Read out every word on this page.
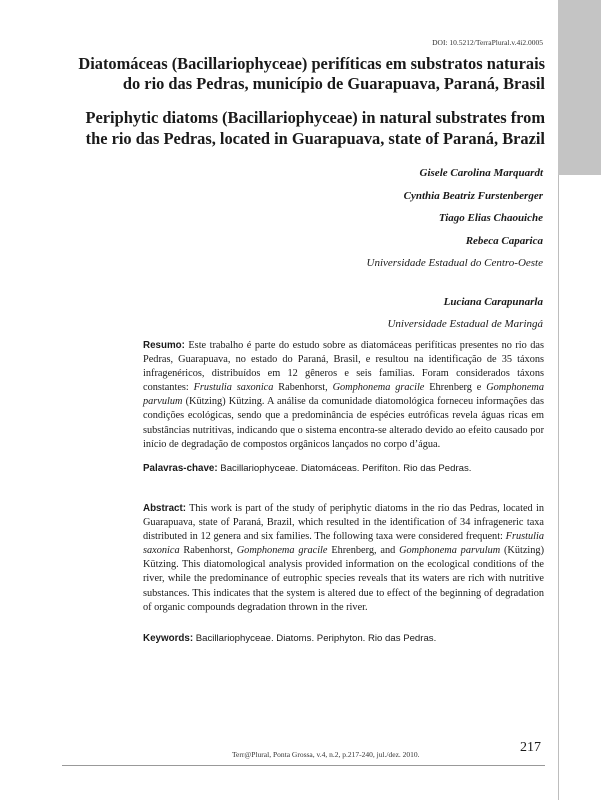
DOI: 10.5212/TerraPlural.v.4i2.0005
Diatomáceas (Bacillariophyceae) perifíticas em substratos naturais
do rio das Pedras, município de Guarapuava, Paraná, Brasil
Periphytic diatoms (Bacillariophyceae) in natural substrates from
the rio das Pedras, located in Guarapuava, state of Paraná, Brazil
Gisele Carolina Marquardt
Cynthia Beatriz Furstenberger
Tiago Elias Chaouiche
Rebeca Caparica
Universidade Estadual do Centro-Oeste
Luciana Carapunarla
Universidade Estadual de Maringá
Resumo: Este trabalho é parte do estudo sobre as diatomáceas perifíticas presentes no rio das Pedras, Guarapuava, no estado do Paraná, Brasil, e resultou na identificação de 35 táxons infragenéricos, distribuídos em 12 gêneros e seis famílias. Foram considerados táxons constantes: Frustulia saxonica Rabenhorst, Gomphonema gracile Ehrenberg e Gomphonema parvulum (Kützing) Kützing. A análise da comunidade diatomológica forneceu informações das condições ecológicas, sendo que a predominância de espécies eutróficas revela águas ricas em substâncias nutritivas, indicando que o sistema encontra-se alterado devido ao efeito causado por início de degradação de compostos orgânicos lançados no corpo d’água.
Palavras-chave: Bacillariophyceae. Diatomáceas. Perifíton. Rio das Pedras.
Abstract: This work is part of the study of periphytic diatoms in the rio das Pedras, located in Guarapuava, state of Paraná, Brazil, which resulted in the identification of 34 infrageneric taxa distributed in 12 genera and six families. The following taxa were considered frequent: Frustulia saxonica Rabenhorst, Gomphonema gracile Ehrenberg, and Gomphonema parvulum (Kützing) Kützing. This diatomological analysis provided information on the ecological conditions of the river, while the predominance of eutrophic species reveals that its waters are rich with nutritive substances. This indicates that the system is altered due to effect of the beginning of degradation of organic compounds degradation thrown in the river.
Keywords: Bacillariophyceae. Diatoms. Periphyton. Rio das Pedras.
Terr@Plural, Ponta Grossa, v.4, n.2, p.217-240, jul./dez. 2010.	217
